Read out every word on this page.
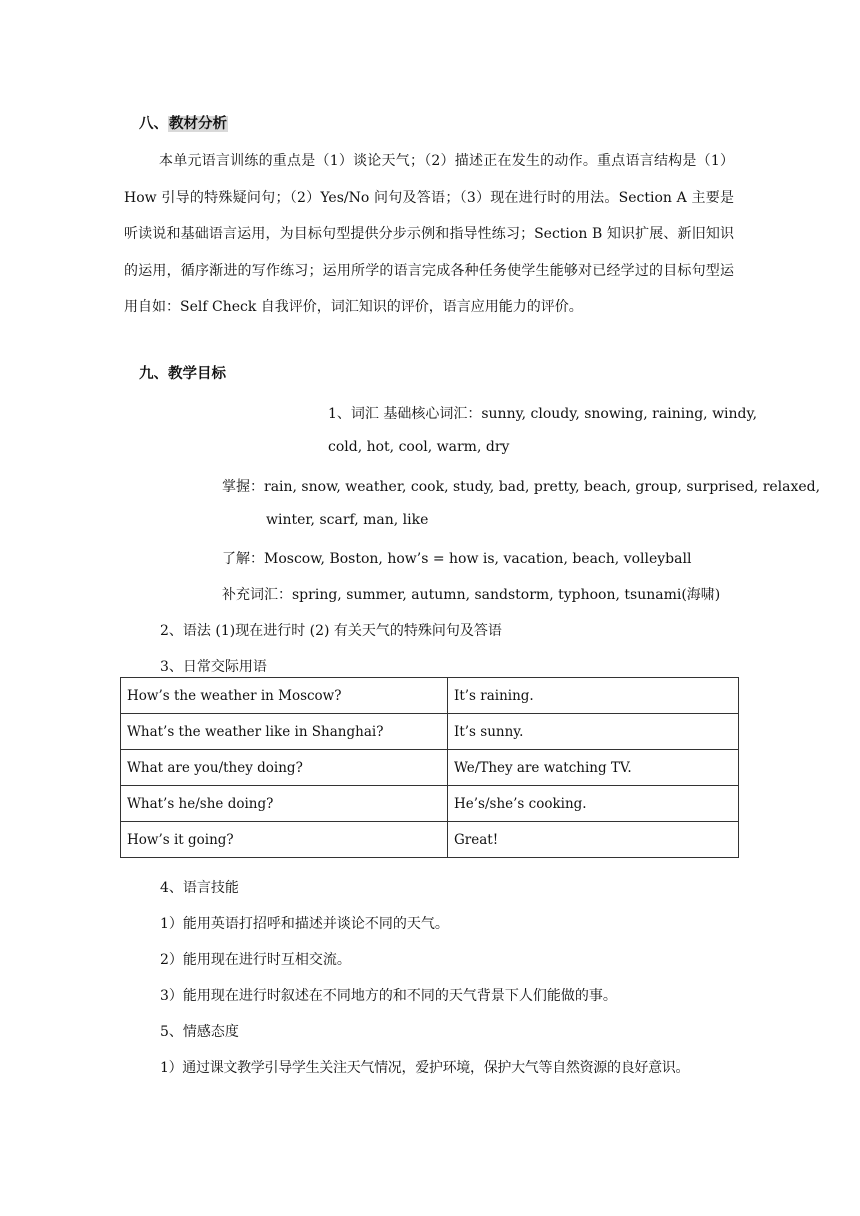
八、教材分析
本单元语言训练的重点是（1）谈论天气；（2）描述正在发生的动作。重点语言结构是（1）How 引导的特殊疑问句；（2）Yes/No 问句及答语；（3）现在进行时的用法。Section A 主要是听读说和基础语言运用，为目标句型提供分步示例和指导性练习；Section B 知识扩展、新旧知识的运用，循序渐进的写作练习；运用所学的语言完成各种任务使学生能够对已经学过的目标句型运用自如：Self Check 自我评价，词汇知识的评价，语言应用能力的评价。
九、教学目标
1、词汇 基础核心词汇：sunny, cloudy, snowing, raining, windy,
cold, hot, cool, warm, dry
掌握：rain, snow, weather, cook, study, bad, pretty, beach, group, surprised, relaxed,
winter, scarf, man, like
了解：Moscow, Boston, how’s = how is, vacation, beach, volleyball
补充词汇：spring, summer, autumn, sandstorm, typhoon, tsunami(海啸)
2、语法 (1)现在进行时 (2) 有关天气的特殊问句及答语
3、日常交际用语
How’s the weather in Moscow?	It’s raining.
What’s the weather like in Shanghai?	It’s sunny.
What are you/they doing?	We/They are watching TV.
What’s he/she doing?	He’s/she’s cooking.
How’s it going?	Great!
4、语言技能
1）能用英语打招呼和描述并谈论不同的天气。
2）能用现在进行时互相交流。
3）能用现在进行时叙述在不同地方的和不同的天气背景下人们能做的事。
5、情感态度
1）通过课文教学引导学生关注天气情况，爱护环境，保护大气等自然资源的良好意识。
